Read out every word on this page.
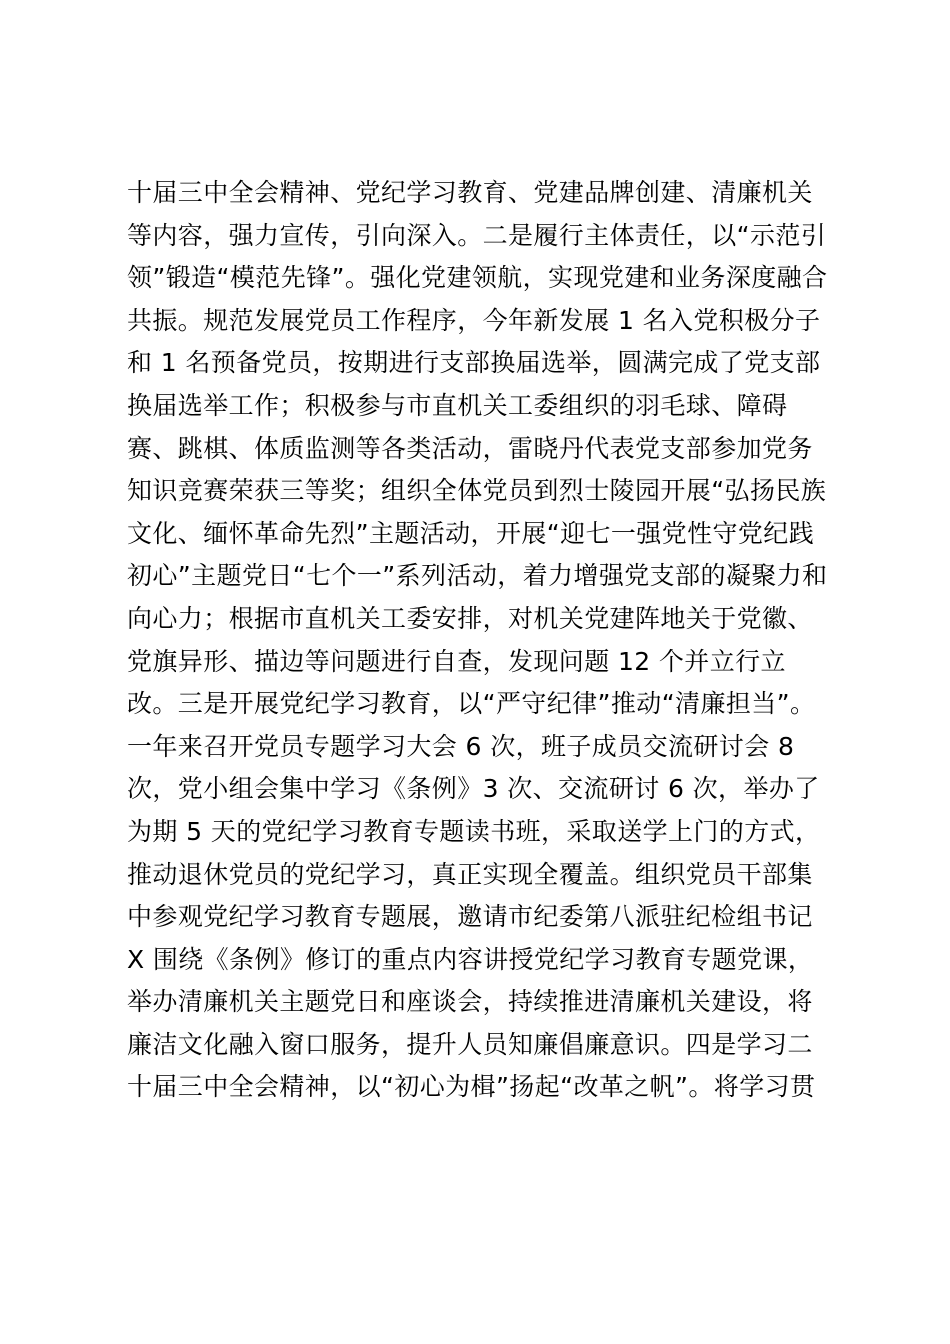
十届三中全会精神、党纪学习教育、党建品牌创建、清廉机关
等内容，强力宣传，引向深入。二是履行主体责任，以“示范引
领”锻造“模范先锋”。强化党建领航，实现党建和业务深度融合
共振。规范发展党员工作程序，今年新发展 1 名入党积极分子
和 1 名预备党员，按期进行支部换届选举，圆满完成了党支部
换届选举工作；积极参与市直机关工委组织的羽毛球、障碍
赛、跳棋、体质监测等各类活动，雷晓丹代表党支部参加党务
知识竞赛荣获三等奖；组织全体党员到烈士陵园开展“弘扬民族
文化、缅怀革命先烈”主题活动，开展“迎七一强党性守党纪践
初心”主题党日“七个一”系列活动，着力增强党支部的凝聚力和
向心力；根据市直机关工委安排，对机关党建阵地关于党徽、
党旗异形、描边等问题进行自查，发现问题 12 个并立行立
改。三是开展党纪学习教育，以“严守纪律”推动“清廉担当”。
一年来召开党员专题学习大会 6 次，班子成员交流研讨会 8
次，党小组会集中学习《条例》3 次、交流研讨 6 次，举办了
为期 5 天的党纪学习教育专题读书班，采取送学上门的方式，
推动退休党员的党纪学习，真正实现全覆盖。组织党员干部集
中参观党纪学习教育专题展，邀请市纪委第八派驻纪检组书记
X 围绕《条例》修订的重点内容讲授党纪学习教育专题党课，
举办清廉机关主题党日和座谈会，持续推进清廉机关建设，将
廉洁文化融入窗口服务，提升人员知廉倡廉意识。四是学习二
十届三中全会精神，以“初心为楫”扬起“改革之帆”。将学习贯
